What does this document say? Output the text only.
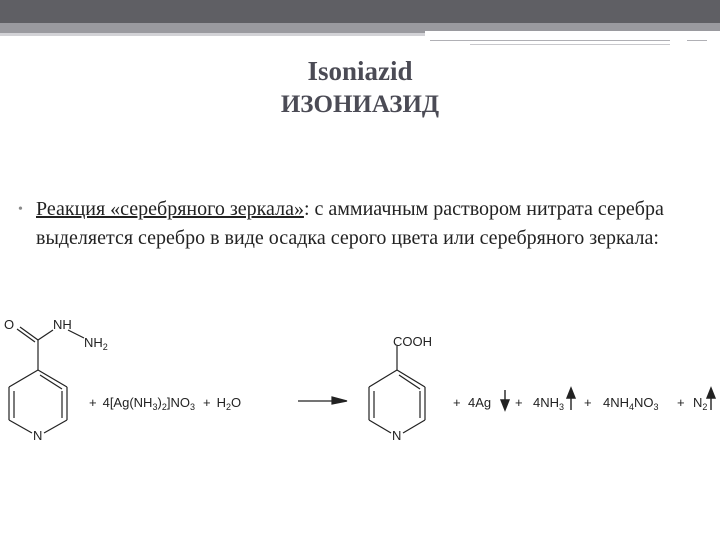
Isoniazid
ИЗОНИАЗИД
• Реакция «серебряного зеркала»: с аммиачным раствором нитрата серебра выделяется серебро в виде осадка серого цвета или серебряного зеркала:
O	NH
$NH_2$
N
+ $4[Ag(NH_3)_2]NO_3 + H_2O$
COOH
N
+ $4Ag + 4NH_3 + 4NH_4NO_3 + N_2$
